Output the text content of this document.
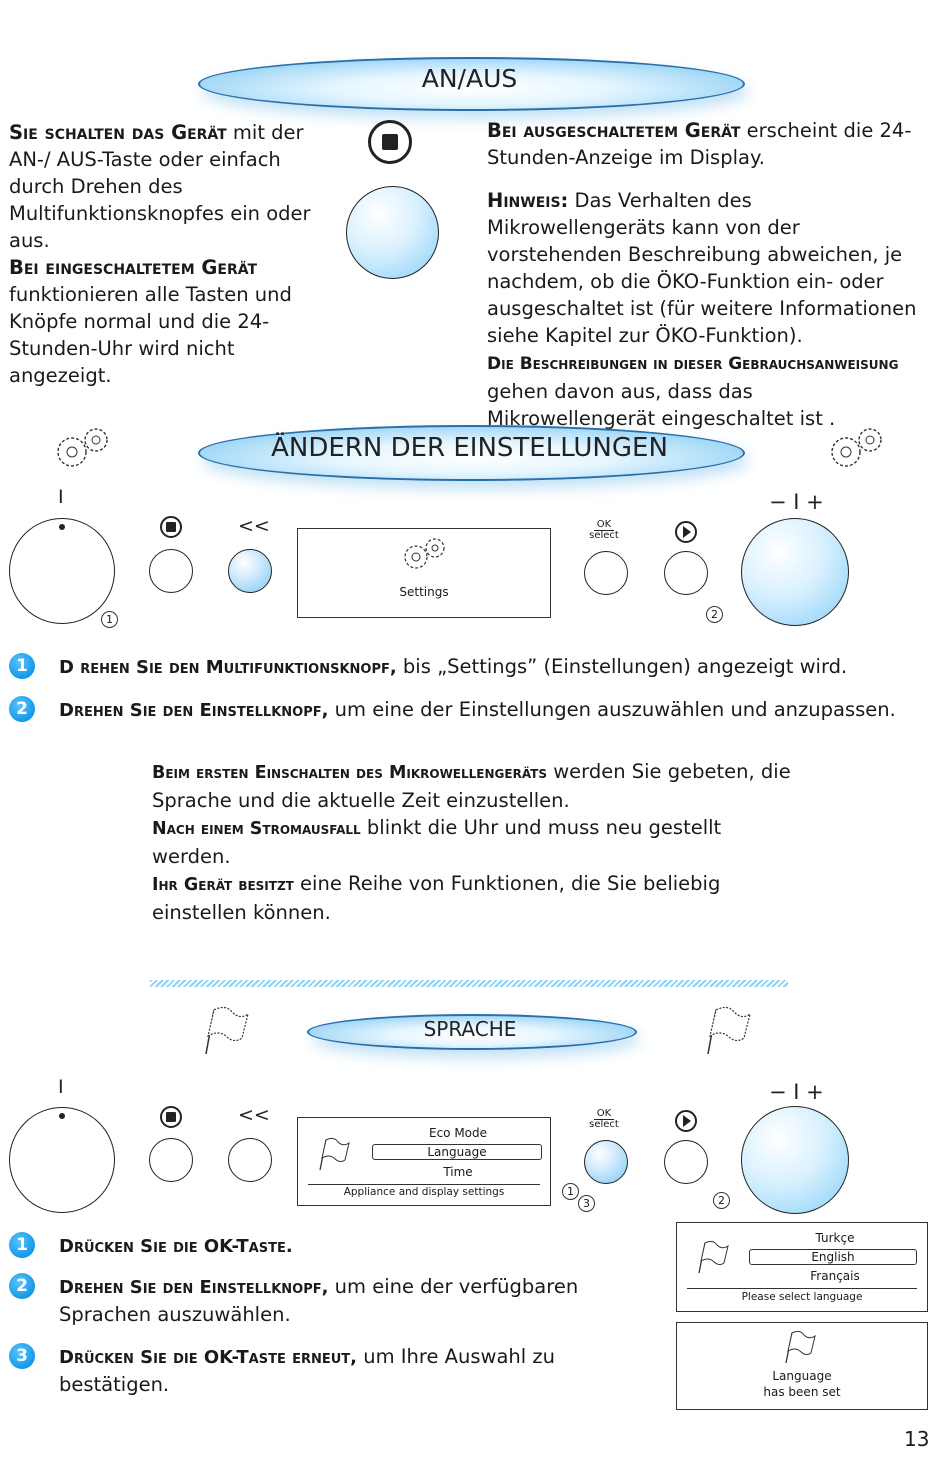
AN/AUS
Sie schalten das Gerät mit der AN-/ AUS-Taste oder einfach durch Drehen des Multifunktionsknopfes ein oder aus.
Bei eingeschaltetem Gerät funktionieren alle Tasten und Knöpfe normal und die 24-Stunden-Uhr wird nicht angezeigt.
Bei ausgeschaltetem Gerät erscheint die 24-Stunden-Anzeige im Display.
Hinweis: Das Verhalten des Mikrowellengeräts kann von der vorstehenden Beschreibung abweichen, je nachdem, ob die ÖKO-Funktion ein- oder ausgeschaltet ist (für weitere Informationen siehe Kapitel zur ÖKO-Funktion).
Die Beschreibungen in dieser Gebrauchsanweisung gehen davon aus, dass das Mikrowellengerät eingeschaltet ist .
ÄNDERN DER EINSTELLUNGEN
I
1
<<
Settings
OK
select
2
− I +
1	D rehen Sie den Multifunktionsknopf, bis „Settings” (Einstellungen) angezeigt wird.
2	Drehen Sie den Einstellknopf, um eine der Einstellungen auszuwählen und anzupassen.
Beim ersten Einschalten des Mikrowellengeräts werden Sie gebeten, die Sprache und die aktuelle Zeit einzustellen.
Nach einem Stromausfall blinkt die Uhr und muss neu gestellt werden.
Ihr Gerät besitzt eine Reihe von Funktionen, die Sie beliebig einstellen können.
SPRACHE
I
<<
Eco Mode
Language
Time
Appliance and display settings
OK
select
1
3	2
− I +
1	Drücken Sie die OK-Taste.
2	Drehen Sie den Einstellknopf, um eine der verfügbaren Sprachen auszuwählen.
3	Drücken Sie die OK-Taste erneut, um Ihre Auswahl zu bestätigen.
Turkçe
English
Français
Please select language
Language
has been set
13
